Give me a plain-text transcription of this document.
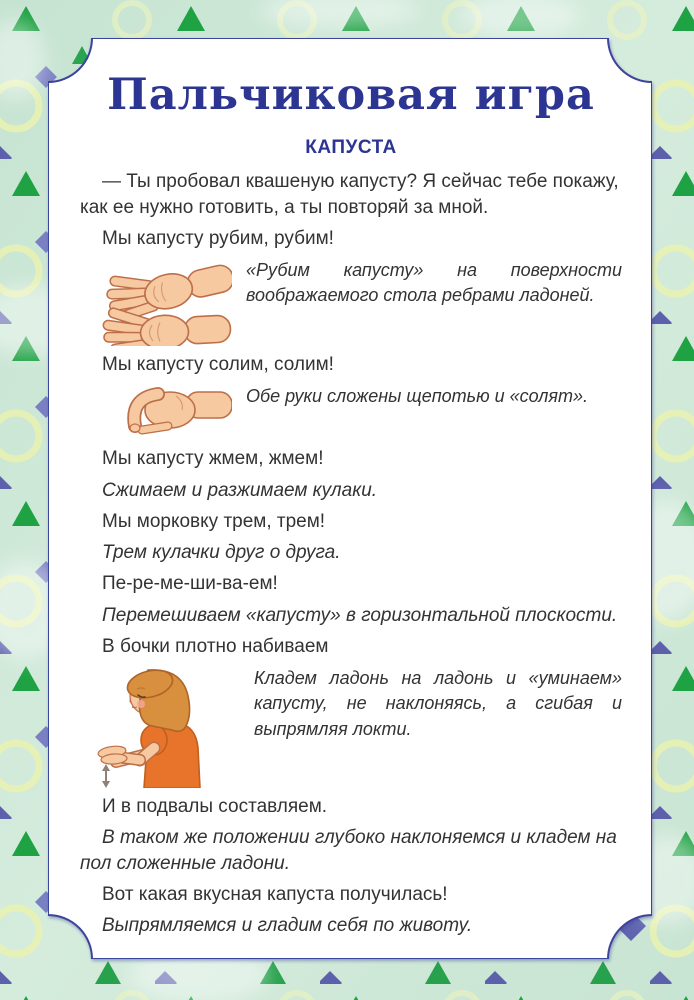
Пальчиковая игра
КАПУСТА

— Ты пробовал квашеную капусту? Я сейчас тебе покажу, как ее нужно готовить, а ты повторяй за мной.

Мы капусту рубим, рубим!

«Рубим капусту» на поверхности воображаемого стола ребрами ладоней.

Мы капусту солим, солим!

Обе руки сложены щепотью и «солят».

Мы капусту жмем, жмем!

Сжимаем и разжимаем кулаки.

Мы морковку трем, трем!

Трем кулачки друг о друга.

Пе-ре-ме-ши-ва-ем!

Перемешиваем «капусту» в горизонтальной плоскости.

В бочки плотно набиваем

Кладем ладонь на ладонь и «уминаем» капусту, не наклоняясь, а сгибая и выпрямляя локти.

И в подвалы составляем.

В таком же положении глубоко наклоняемся и кладем на пол сложенные ладони.

Вот какая вкусная капуста получилась!

Выпрямляемся и гладим себя по животу.
